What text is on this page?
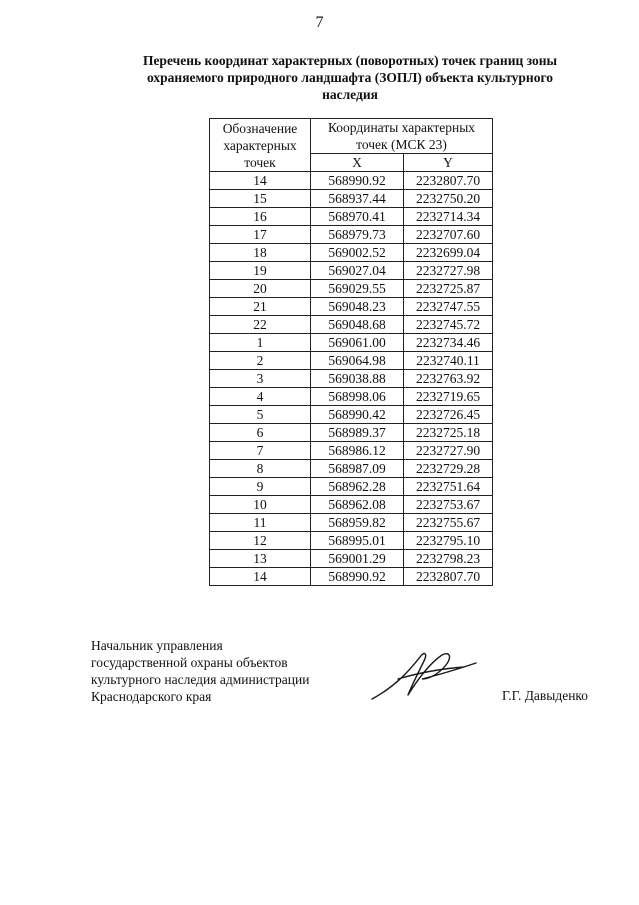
7
Перечень координат характерных (поворотных) точек границ зоны
охраняемого природного ландшафта (ЗОПЛ) объекта культурного
наследия
Обозначение
характерных
точек	Координаты характерных
точек (МСК 23)	
	X	Y
14	568990.92	2232807.70
15	568937.44	2232750.20
16	568970.41	2232714.34
17	568979.73	2232707.60
18	569002.52	2232699.04
19	569027.04	2232727.98
20	569029.55	2232725.87
21	569048.23	2232747.55
22	569048.68	2232745.72
1	569061.00	2232734.46
2	569064.98	2232740.11
3	569038.88	2232763.92
4	568998.06	2232719.65
5	568990.42	2232726.45
6	568989.37	2232725.18
7	568986.12	2232727.90
8	568987.09	2232729.28
9	568962.28	2232751.64
10	568962.08	2232753.67
11	568959.82	2232755.67
12	568995.01	2232795.10
13	569001.29	2232798.23
14	568990.92	2232807.70
Начальник управления
государственной охраны объектов
культурного наследия администрации
Краснодарского края	Г.Г. Давыденко
